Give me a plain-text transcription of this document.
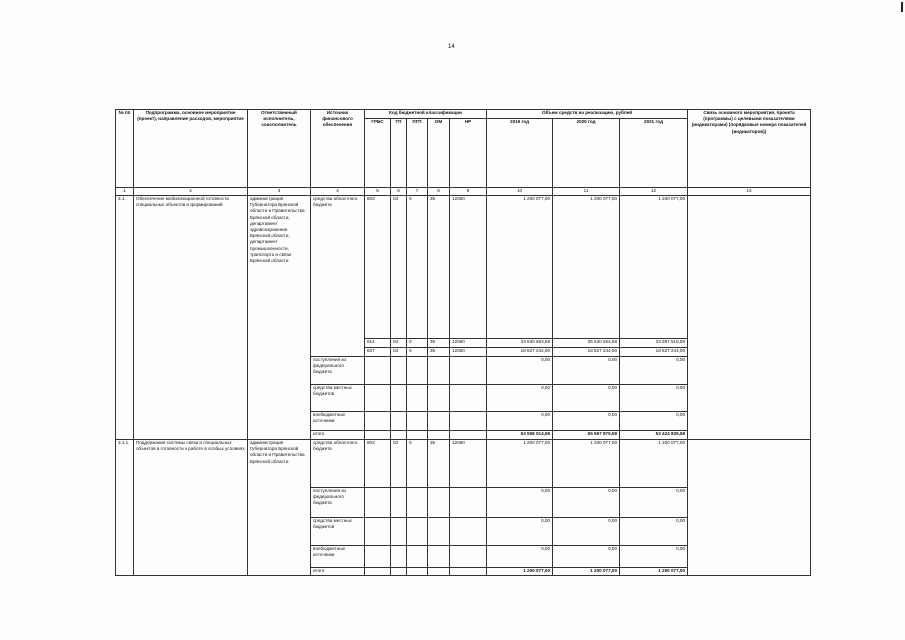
14
№ пп	Подпрограмма, основное мероприятие (проект), направление расходов, мероприятие	Ответственный исполнитель, соисполнитель	Источник финансового обеспечения	Код бюджетной классификации					Объем средств на реализацию, рублей			Связь основного мероприятия, проекта (программы) с целевыми показателями (индикаторами) (порядковые номера показателей (индикаторов))
				ГРБС	ГП	ПГП	ОМ	НР	2019 год	2020 год	2021 год	
1	2	3	4	5	6	7	8	9	10	11	12	13
3.1.	Обеспечение мобилизационной готовности специальных объектов и формирований	администрация Губернатора Брянской области и Правительства Брянской области, департамент здравоохранения Брянской области, департамент промышленности, транспорта и связи Брянской области	средства областного бюджета	803	03	0	35	12080	1 200 077,00	1 200 077,00	1 200 077,00	
				814	03	0	35	12080	33 530 693,58	35 530 554,58	33 397 518,58	
				837	03	0	35	12080	18 827 244,00	18 827 244,00	18 827 244,00	
			поступления из федерального бюджета						0,00	0,00	0,00	
			средства местных бюджетов						0,00	0,00	0,00	
			внебюджетные источники						0,00	0,00	0,00	
			итого						53 558 014,58	55 557 875,58	53 424 839,58	
3.1.1.	Поддержание системы связи и специальных объектов в готовности к работе в особых условиях	администрация Губернатора Брянской области и Правительства Брянской области	средства областного бюджета	803	03	0	35	12080	1 200 077,00	1 200 077,00	1 200 077,00	
			поступления из федерального бюджета						0,00	0,00	0,00	
			средства местных бюджетов						0,00	0,00	0,00	
			внебюджетные источники						0,00	0,00	0,00	
			итого						1 200 077,00	1 200 077,00	1 200 077,00	
